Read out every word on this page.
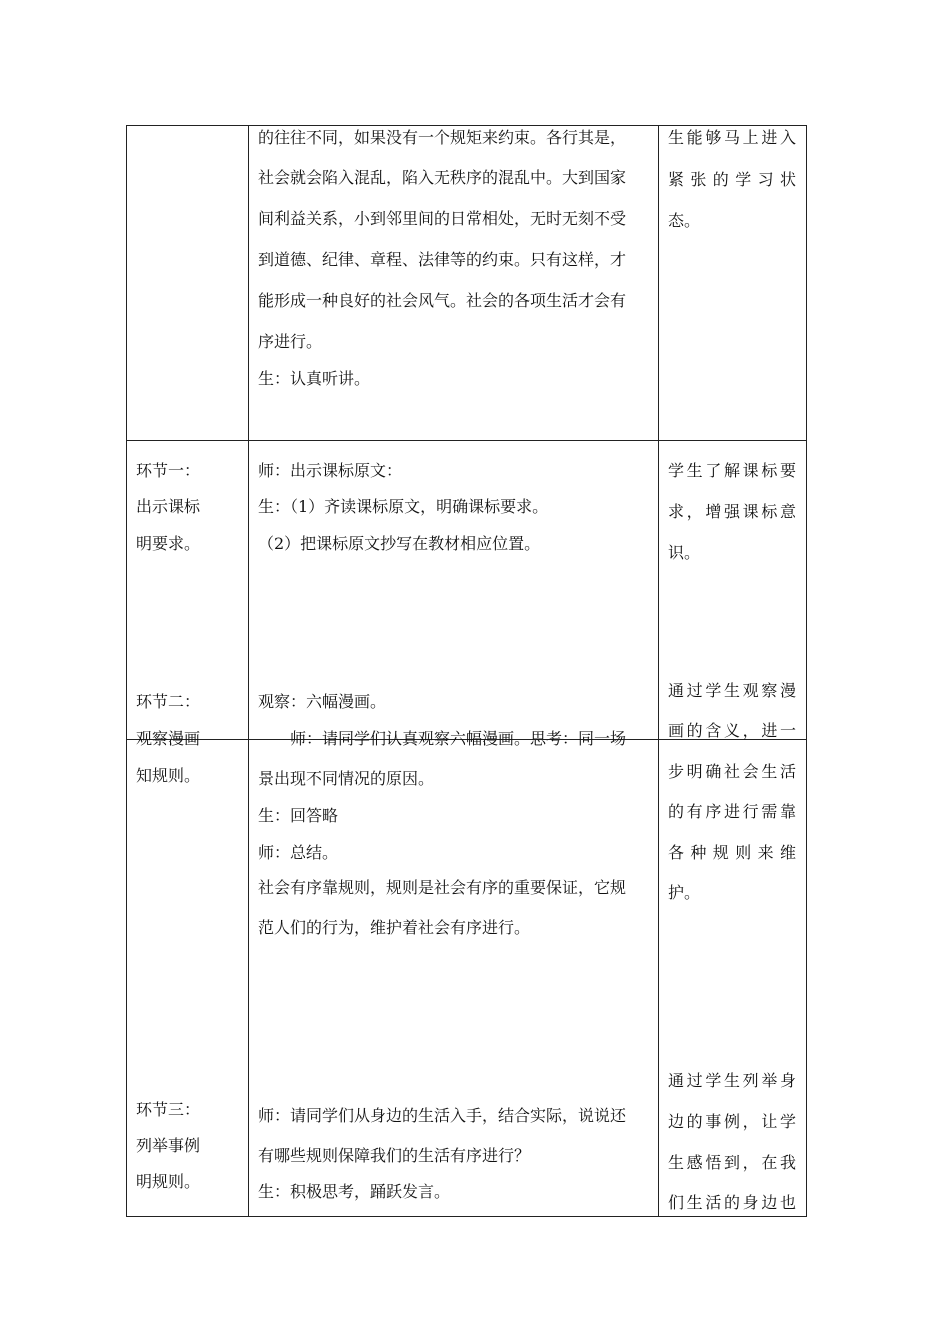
的往往不同，如果没有一个规矩来约束。各行其是，
社会就会陷入混乱，陷入无秩序的混乱中。大到国家
间利益关系，小到邻里间的日常相处，无时无刻不受
到道德、纪律、章程、法律等的约束。只有这样，才
能形成一种良好的社会风气。社会的各项生活才会有
序进行。
生：认真听讲。
生能够马上进入
紧张的学习状
态。
环节一：
出示课标
明要求。
师：出示课标原文：
生：（1）齐读课标原文，明确课标要求。
（2）把课标原文抄写在教材相应位置。
学生了解课标要
求，增强课标意
识。
环节二：
观察漫画
知规则。
观察：六幅漫画。
师：请同学们认真观察六幅漫画。思考：同一场
景出现不同情况的原因。
生：回答略
师：总结。
社会有序靠规则，规则是社会有序的重要保证，它规
范人们的行为，维护着社会有序进行。
通过学生观察漫
画的含义，进一
步明确社会生活
的有序进行需靠
各种规则来维
护。
环节三：
列举事例
明规则。
师：请同学们从身边的生活入手，结合实际，说说还
有哪些规则保障我们的生活有序进行？
生：积极思考，踊跃发言。
通过学生列举身
边的事例，让学
生感悟到，在我
们生活的身边也
